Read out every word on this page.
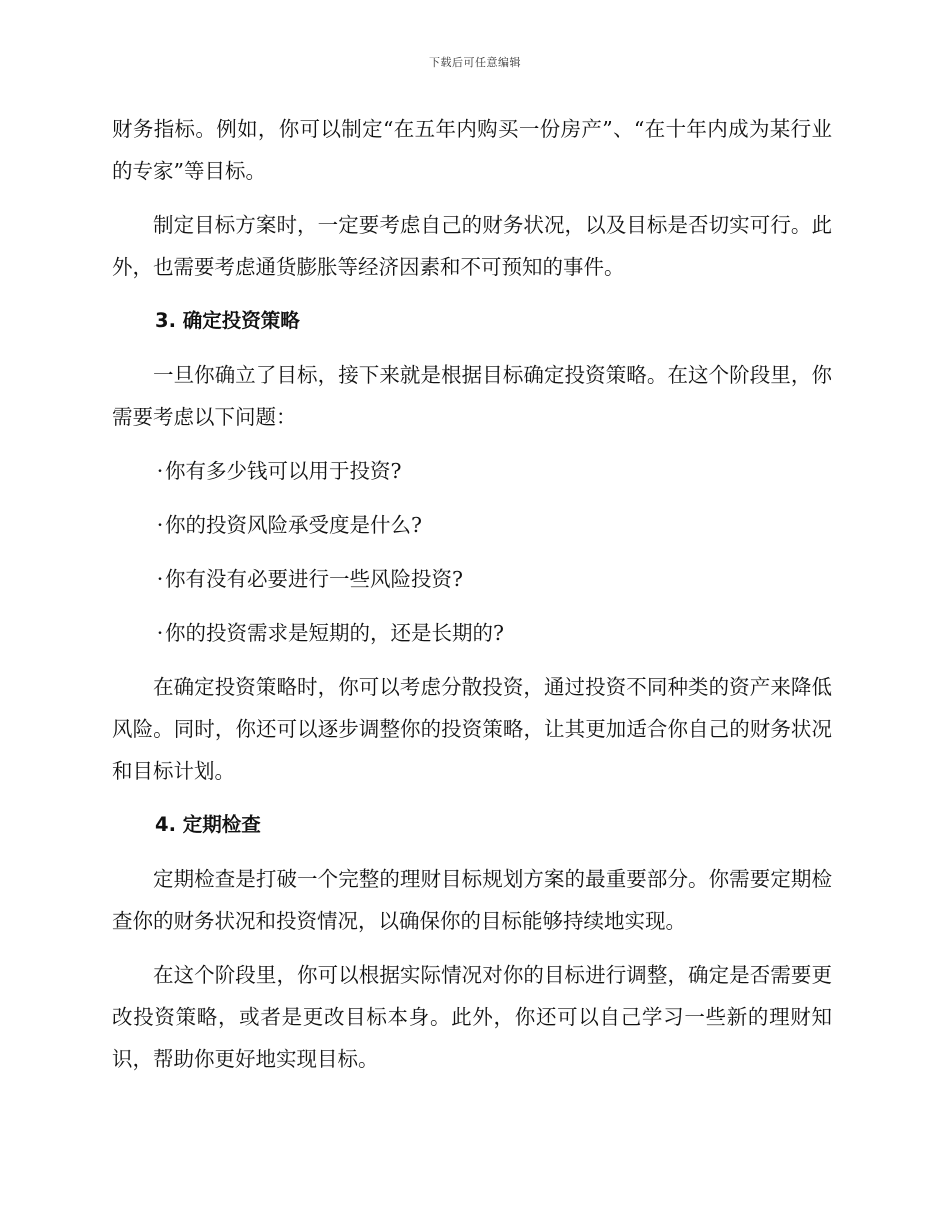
下载后可任意编辑

财务指标。例如，你可以制定“在五年内购买一份房产”、“在十年内成为某行业的专家”等目标。

制定目标方案时，一定要考虑自己的财务状况，以及目标是否切实可行。此外，也需要考虑通货膨胀等经济因素和不可预知的事件。

3. 确定投资策略

一旦你确立了目标，接下来就是根据目标确定投资策略。在这个阶段里，你需要考虑以下问题：

·你有多少钱可以用于投资?

·你的投资风险承受度是什么?

·你有没有必要进行一些风险投资?

·你的投资需求是短期的，还是长期的?

在确定投资策略时，你可以考虑分散投资，通过投资不同种类的资产来降低风险。同时，你还可以逐步调整你的投资策略，让其更加适合你自己的财务状况和目标计划。

4. 定期检查

定期检查是打破一个完整的理财目标规划方案的最重要部分。你需要定期检查你的财务状况和投资情况，以确保你的目标能够持续地实现。

在这个阶段里，你可以根据实际情况对你的目标进行调整，确定是否需要更改投资策略，或者是更改目标本身。此外，你还可以自己学习一些新的理财知识，帮助你更好地实现目标。
